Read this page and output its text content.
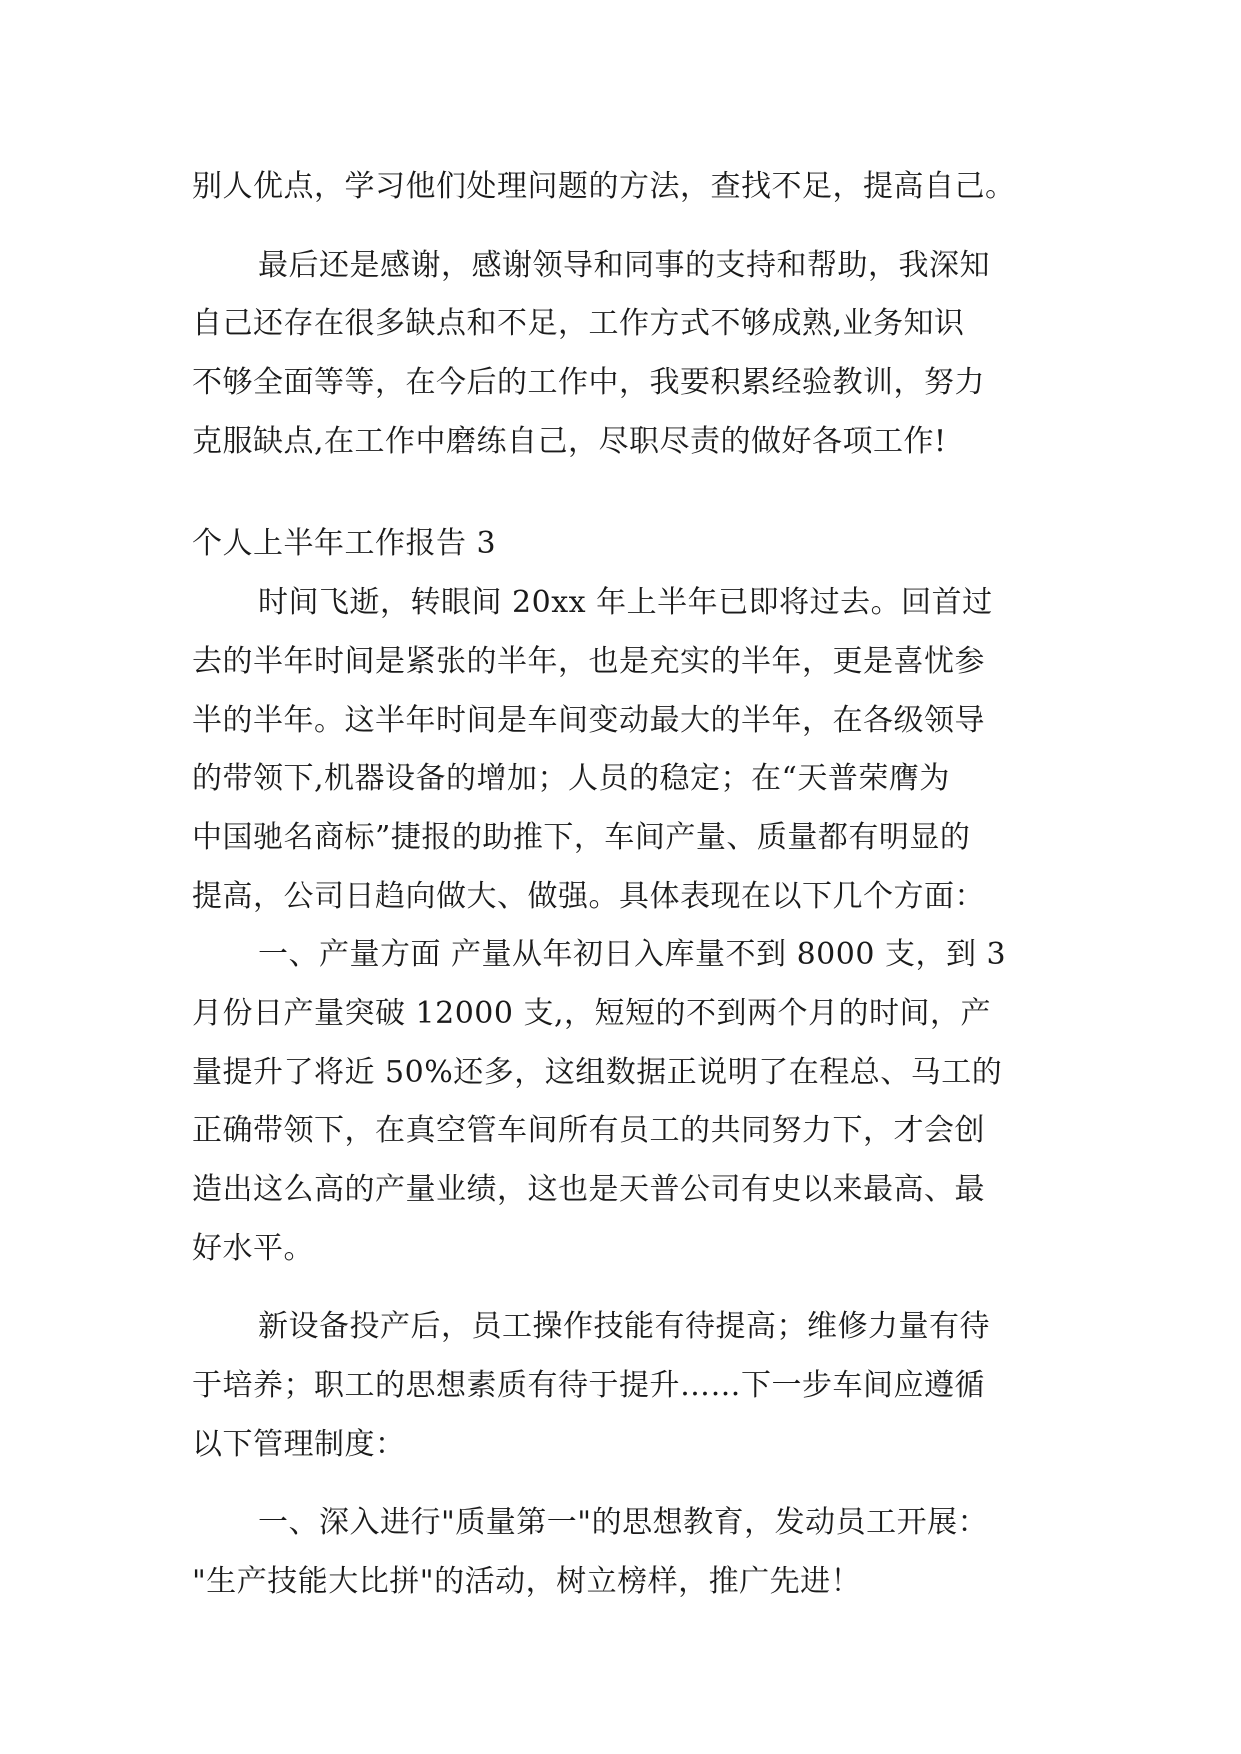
别人优点，学习他们处理问题的方法，查找不足，提高自己。
最后还是感谢，感谢领导和同事的支持和帮助，我深知
自己还存在很多缺点和不足，工作方式不够成熟,业务知识
不够全面等等，在今后的工作中，我要积累经验教训，努力
克服缺点,在工作中磨练自己，尽职尽责的做好各项工作!
个人上半年工作报告 3
时间飞逝，转眼间 20xx 年上半年已即将过去。回首过
去的半年时间是紧张的半年，也是充实的半年，更是喜忧参
半的半年。这半年时间是车间变动最大的半年，在各级领导
的带领下,机器设备的增加；人员的稳定；在“天普荣膺为
中国驰名商标”捷报的助推下，车间产量、质量都有明显的
提高，公司日趋向做大、做强。具体表现在以下几个方面：
一、产量方面 产量从年初日入库量不到 8000 支，到 3
月份日产量突破 12000 支,，短短的不到两个月的时间，产
量提升了将近 50%还多，这组数据正说明了在程总、马工的
正确带领下，在真空管车间所有员工的共同努力下，才会创
造出这么高的产量业绩，这也是天普公司有史以来最高、最
好水平。
新设备投产后，员工操作技能有待提高；维修力量有待
于培养；职工的思想素质有待于提升……下一步车间应遵循
以下管理制度：
一、深入进行"质量第一"的思想教育，发动员工开展：
"生产技能大比拼"的活动，树立榜样，推广先进！
